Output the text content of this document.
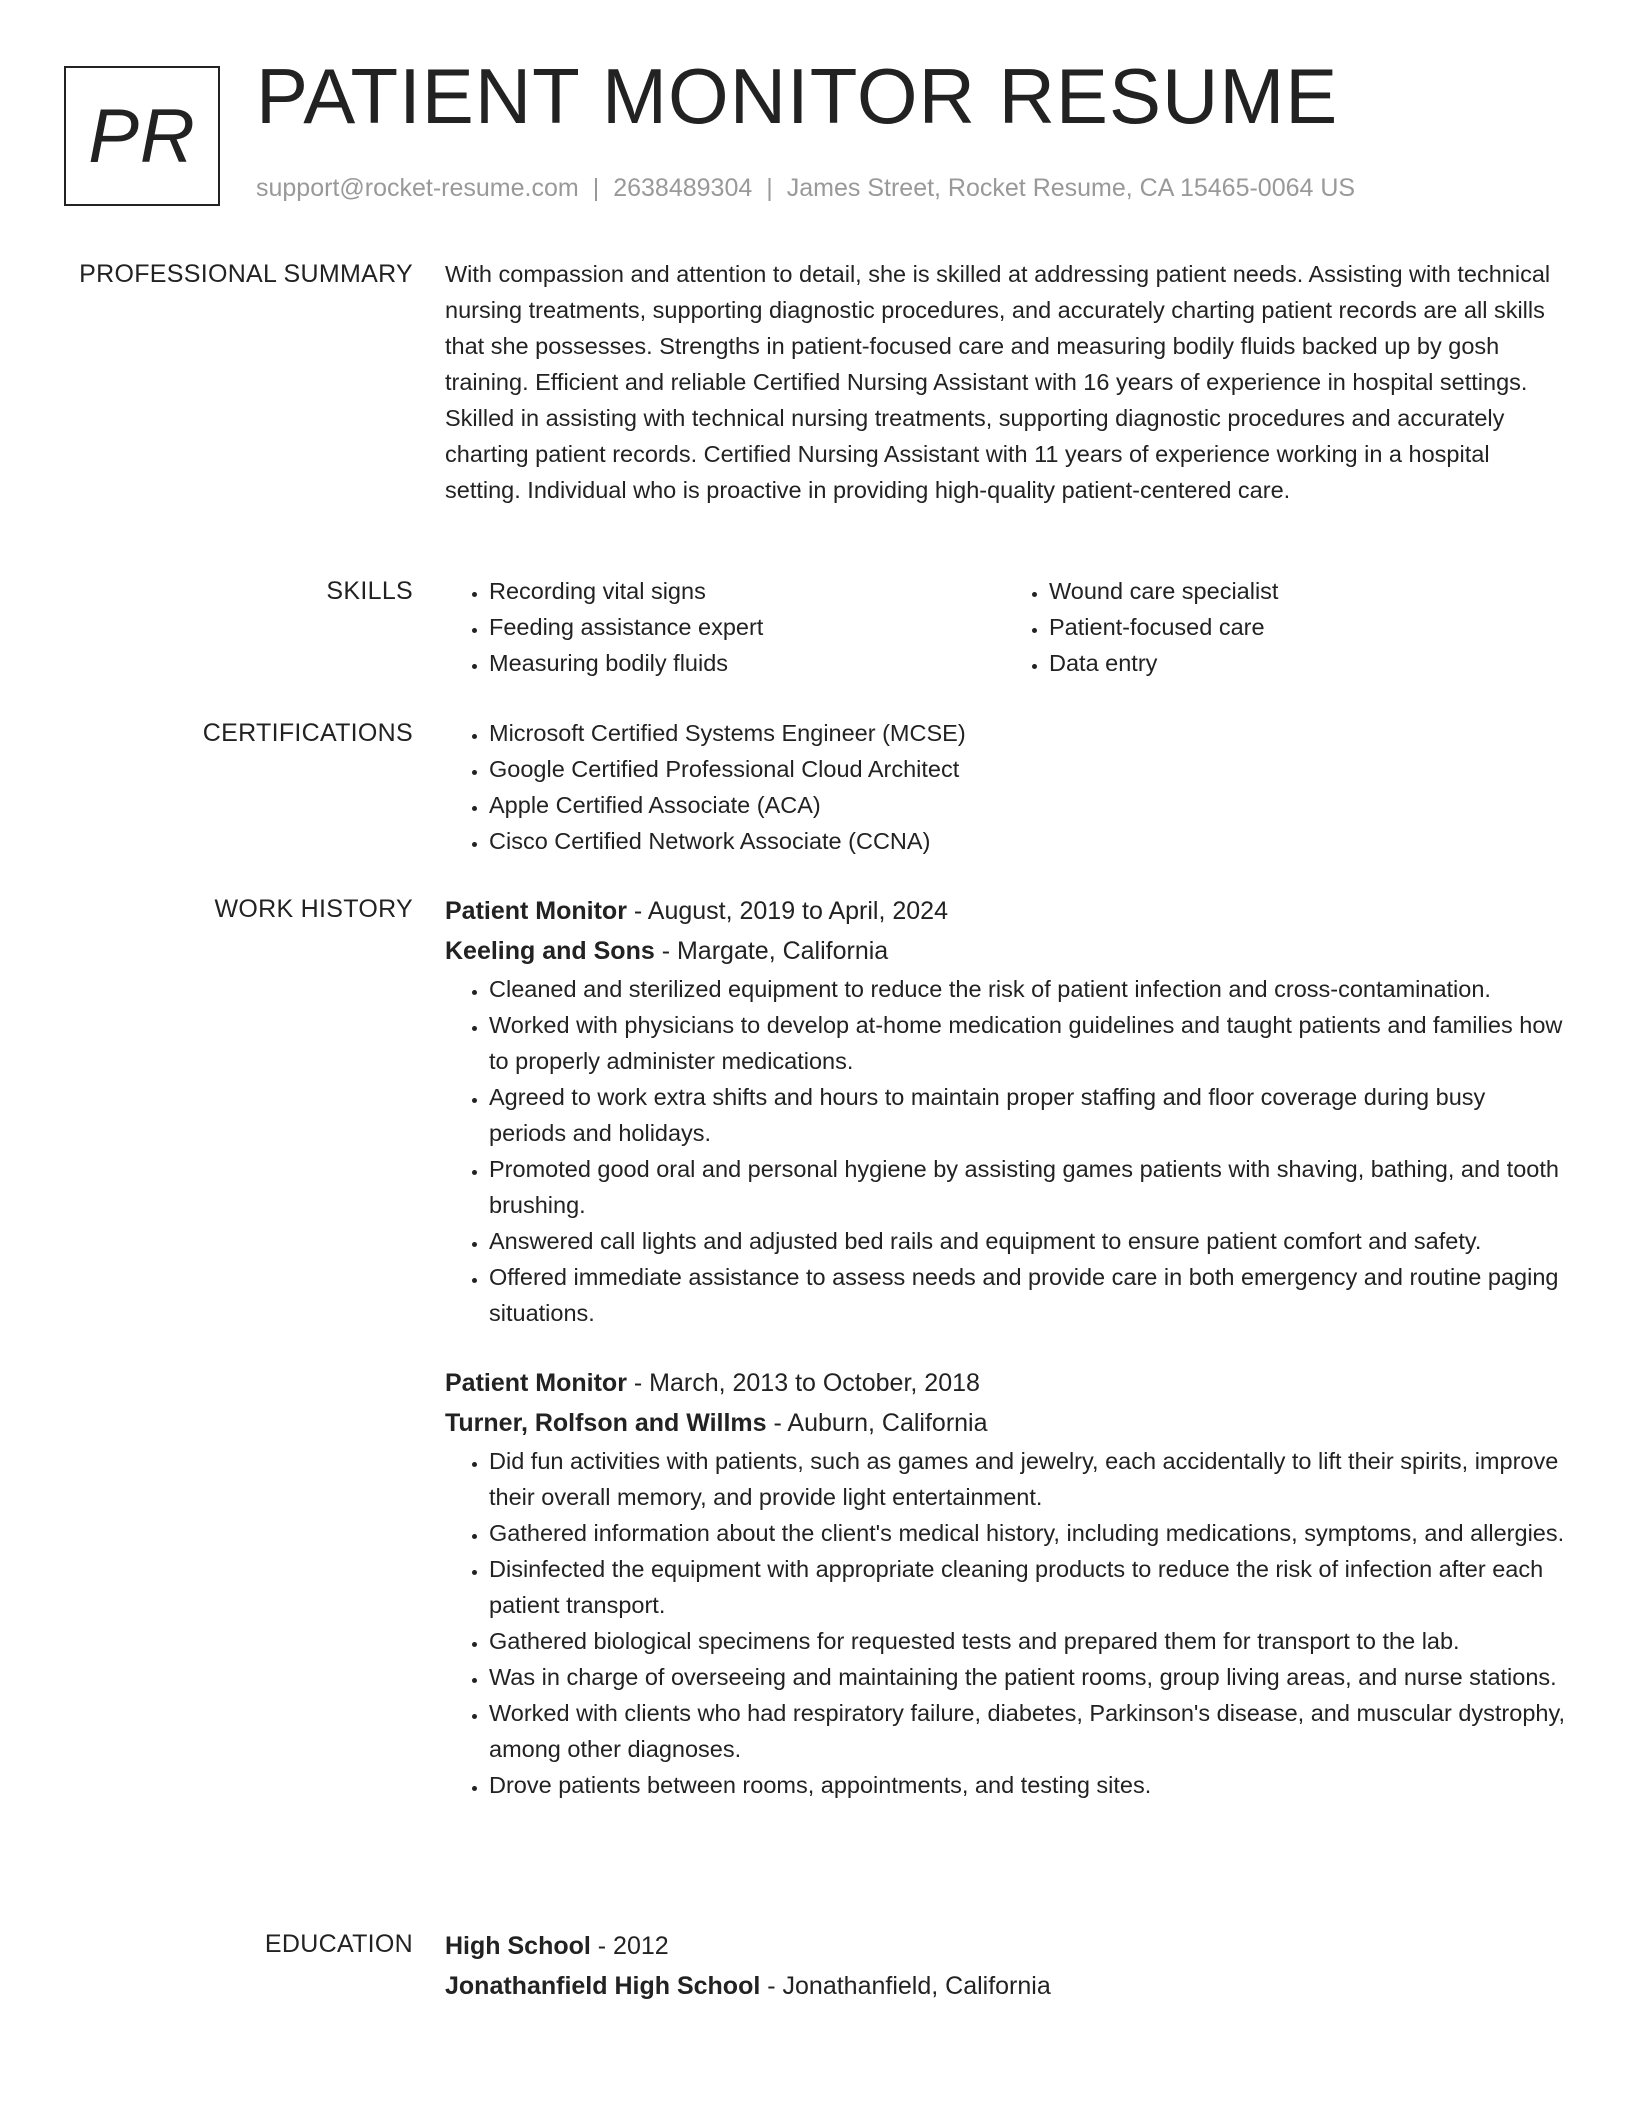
PR PATIENT MONITOR RESUME
support@rocket-resume.com | 2638489304 | James Street, Rocket Resume, CA 15465-0064 US
PROFESSIONAL SUMMARY With compassion and attention to detail, she is skilled at addressing patient needs. Assisting with technical nursing treatments, supporting diagnostic procedures, and accurately charting patient records are all skills that she possesses. Strengths in patient-focused care and measuring bodily fluids backed up by gosh training. Efficient and reliable Certified Nursing Assistant with 16 years of experience in hospital settings. Skilled in assisting with technical nursing treatments, supporting diagnostic procedures and accurately charting patient records. Certified Nursing Assistant with 11 years of experience working in a hospital setting. Individual who is proactive in providing high-quality patient-centered care.

SKILLS	• Recording vital signs
• Feeding assistance expert
• Measuring bodily fluids
• Wound care specialist
• Patient-focused care
• Data entry
CERTIFICATIONS	• Microsoft Certified Systems Engineer (MCSE)
• Google Certified Professional Cloud Architect
• Apple Certified Associate (ACA)
• Cisco Certified Network Associate (CCNA)
WORK HISTORY Patient Monitor - August, 2019 to April, 2024
Keeling and Sons - Margate, California
• Cleaned and sterilized equipment to reduce the risk of patient infection and cross-contamination.
• Worked with physicians to develop at-home medication guidelines and taught patients and families how to properly administer medications.
• Agreed to work extra shifts and hours to maintain proper staffing and floor coverage during busy periods and holidays.
• Promoted good oral and personal hygiene by assisting games patients with shaving, bathing, and tooth brushing.
• Answered call lights and adjusted bed rails and equipment to ensure patient comfort and safety.
• Offered immediate assistance to assess needs and provide care in both emergency and routine paging situations.
Patient Monitor - March, 2013 to October, 2018
Turner, Rolfson and Willms - Auburn, California
• Did fun activities with patients, such as games and jewelry, each accidentally to lift their spirits, improve their overall memory, and provide light entertainment.
• Gathered information about the client's medical history, including medications, symptoms, and allergies.
• Disinfected the equipment with appropriate cleaning products to reduce the risk of infection after each patient transport.
• Gathered biological specimens for requested tests and prepared them for transport to the lab.
• Was in charge of overseeing and maintaining the patient rooms, group living areas, and nurse stations.
• Worked with clients who had respiratory failure, diabetes, Parkinson's disease, and muscular dystrophy, among other diagnoses.
• Drove patients between rooms, appointments, and testing sites.
EDUCATION High School - 2012
Jonathanfield High School - Jonathanfield, California
